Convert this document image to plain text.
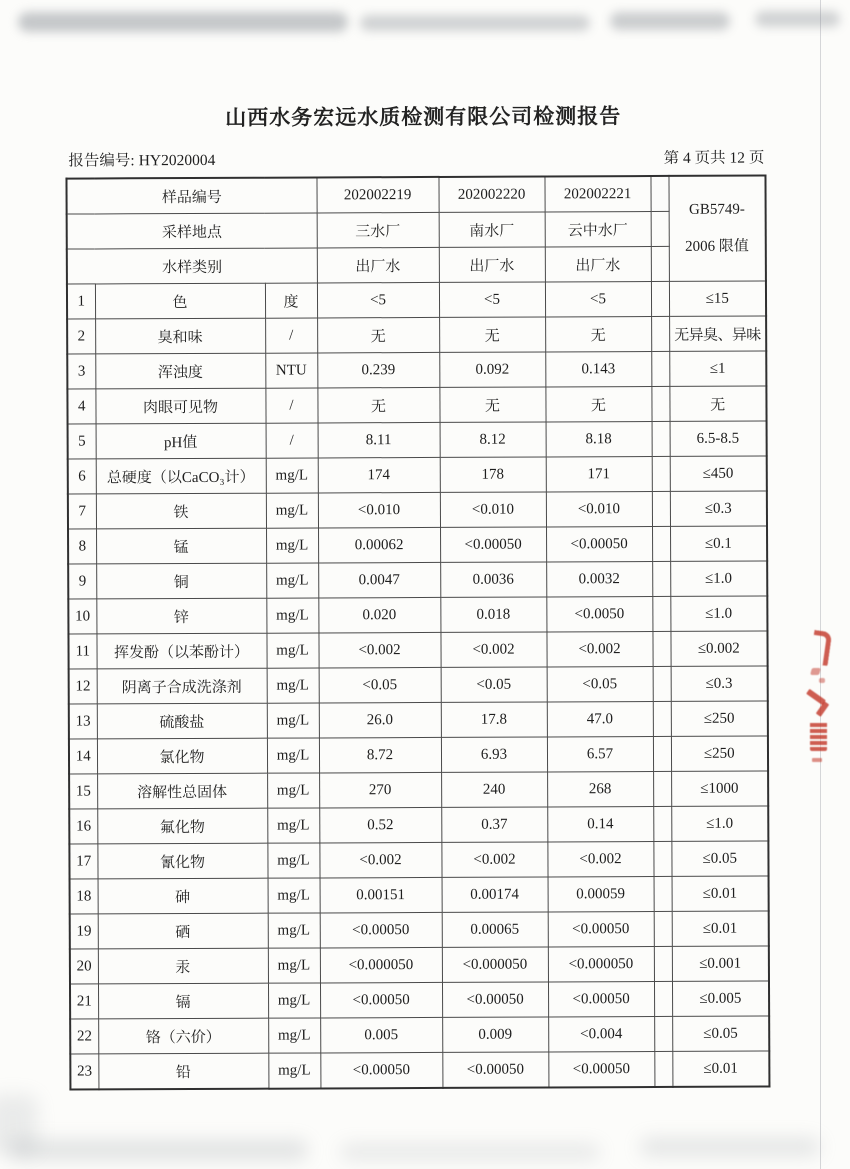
山西水务宏远水质检测有限公司检测报告
报告编号: HY2020004	第 4 页共 12 页
样品编号			202002219	202002220	202002221		GB5749-
2006 限值

采样地点			三水厂	南水厂	云中水厂		
水样类别			出厂水	出厂水	出厂水		
1	色	度	<5	<5	<5		≤15
2	臭和味	/	无	无	无		无异臭、异味
3	浑浊度	NTU	0.239	0.092	0.143		≤1
4	肉眼可见物	/	无	无	无		无
5	pH值	/	8.11	8.12	8.18		6.5-8.5
6	总硬度（以CaCO₃计）	mg/L	174	178	171		≤450
7	铁	mg/L	<0.010	<0.010	<0.010		≤0.3
8	锰	mg/L	0.00062	<0.00050	<0.00050		≤0.1
9	铜	mg/L	0.0047	0.0036	0.0032		≤1.0
10	锌	mg/L	0.020	0.018	<0.0050		≤1.0
11	挥发酚（以苯酚计）	mg/L	<0.002	<0.002	<0.002		≤0.002
12	阴离子合成洗涤剂	mg/L	<0.05	<0.05	<0.05		≤0.3
13	硫酸盐	mg/L	26.0	17.8	47.0		≤250
14	氯化物	mg/L	8.72	6.93	6.57		≤250
15	溶解性总固体	mg/L	270	240	268		≤1000
16	氟化物	mg/L	0.52	0.37	0.14		≤1.0
17	氰化物	mg/L	<0.002	<0.002	<0.002		≤0.05
18	砷	mg/L	0.00151	0.00174	0.00059		≤0.01
19	硒	mg/L	<0.00050	0.00065	<0.00050		≤0.01
20	汞	mg/L	<0.000050	<0.000050	<0.000050		≤0.001
21	镉	mg/L	<0.00050	<0.00050	<0.00050		≤0.005
22	铬（六价）	mg/L	0.005	0.009	<0.004		≤0.05
23	铅	mg/L	<0.00050	<0.00050	<0.00050		≤0.01
